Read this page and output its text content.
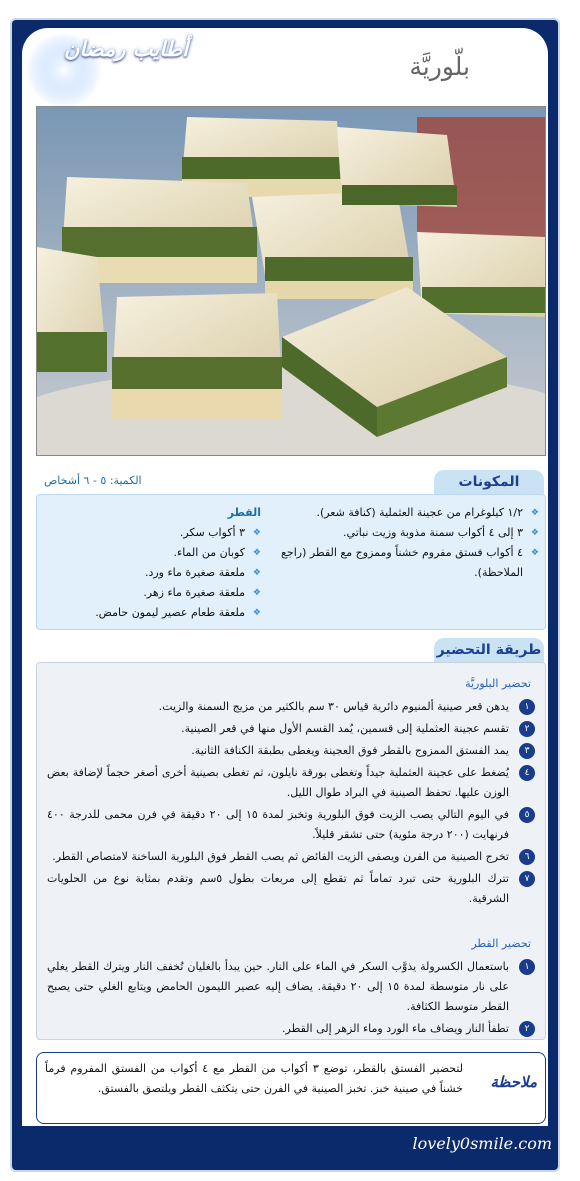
أطايب رمضان
بلّوريَّة
المكونات
الكمية: ٥ - ٦ أشخاص
❖ ١/٢ كيلوغرام من عجينة العثملية (كنافة شعر).
❖ ٣ إلى ٤ أكواب سمنة مذوبة وزيت نباتي.
❖ ٤ أكواب فستق مفروم خشناً وممزوج مع القطر (راجع الملاحظة).
القطر
❖ ٣ أكواب سكر.
❖ كوبان من الماء.
❖ ملعقة صغيرة ماء ورد.
❖ ملعقة صغيرة ماء زهر.
❖ ملعقة طعام عصير ليمون حامض.
طريقة التحضير
تحضير البلوريَّة
١
يدهن قعر صينية ألمنيوم دائرية قياس ٣٠ سم بالكثير من مزيج السمنة والزيت.
٢
تقسم عجينة العثملية إلى قسمين، يُمد القسم الأول منها في قعر الصينية.
٣
يمد الفستق الممزوج بالقطر فوق العجينة ويغطى بطبقة الكنافة الثانية.
٤
يُضغط على عجينة العثملية جيداً وتغطى بورقة نايلون، ثم تغطى بصينية أخرى أصغر حجماً لإضافة بعض الوزن عليها. تحفظ الصينية في البراد طوال الليل.
٥
في اليوم التالي يصب الزيت فوق البلورية وتخبز لمدة ١٥ إلى ٢٠ دقيقة في فرن محمى للدرجة ٤٠٠ فرنهايت (٢٠٠ درجة مئوية) حتى تشقر قليلاً.
٦
تخرج الصينية من الفرن ويصفى الزيت الفائض ثم يصب القطر فوق البلورية الساخنة لامتصاص القطر.
٧
تترك البلورية حتى تبرد تماماً ثم تقطع إلى مربعات بطول ٥سم وتقدم بمثابة نوع من الحلويات الشرقية.
تحضير القطر
١
باستعمال الكسرولة يذوَّب السكر في الماء على النار. حين يبدأ بالغليان تُخفف النار ويترك القطر يغلي على نار متوسطة لمدة ١٥ إلى ٢٠ دقيقة. يضاف إليه عصير الليمون الحامض ويتابع الغلي حتى يصبح القطر متوسط الكثافة.
٢
تطفأ النار ويضاف ماء الورد وماء الزهر إلى القطر.
ملاحظة
لتحضير الفستق بالقطر، توضع ٣ أكواب من القطر مع ٤ أكواب من الفستق المفروم فرماً خشناً في صينية خبز. تخبز الصينية في الفرن حتى يتكثف القطر ويلتصق بالفستق.
lovely0smile.com
